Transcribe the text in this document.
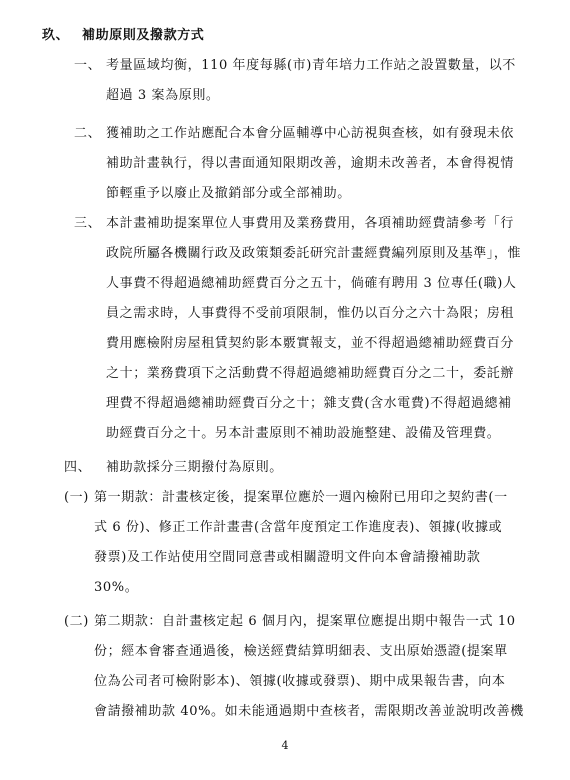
玖、 補助原則及撥款方式
一、 考量區域均衡，110 年度每縣(市)青年培力工作站之設置數量，以不
超過 3 案為原則。
二、 獲補助之工作站應配合本會分區輔導中心訪視與查核，如有發現未依
補助計畫執行，得以書面通知限期改善，逾期未改善者，本會得視情
節輕重予以廢止及撤銷部分或全部補助。
三、 本計畫補助提案單位人事費用及業務費用，各項補助經費請參考「行
政院所屬各機關行政及政策類委託研究計畫經費編列原則及基準」，惟
人事費不得超過總補助經費百分之五十，倘確有聘用 3 位專任(職)人
員之需求時，人事費得不受前項限制，惟仍以百分之六十為限；房租
費用應檢附房屋租賃契約影本覈實報支，並不得超過總補助經費百分
之十；業務費項下之活動費不得超過總補助經費百分之二十，委託辦
理費不得超過總補助經費百分之十；雜支費(含水電費)不得超過總補
助經費百分之十。另本計畫原則不補助設施整建、設備及管理費。
四、 補助款採分三期撥付為原則。
(一) 第一期款：計畫核定後，提案單位應於一週內檢附已用印之契約書(一
式 6 份)、修正工作計畫書(含當年度預定工作進度表)、領據(收據或
發票)及工作站使用空間同意書或相關證明文件向本會請撥補助款
30%。
(二) 第二期款：自計畫核定起 6 個月內，提案單位應提出期中報告一式 10
份；經本會審查通過後，檢送經費結算明細表、支出原始憑證(提案單
位為公司者可檢附影本)、領據(收據或發票)、期中成果報告書，向本
會請撥補助款 40%。如未能通過期中查核者，需限期改善並說明改善機
4
